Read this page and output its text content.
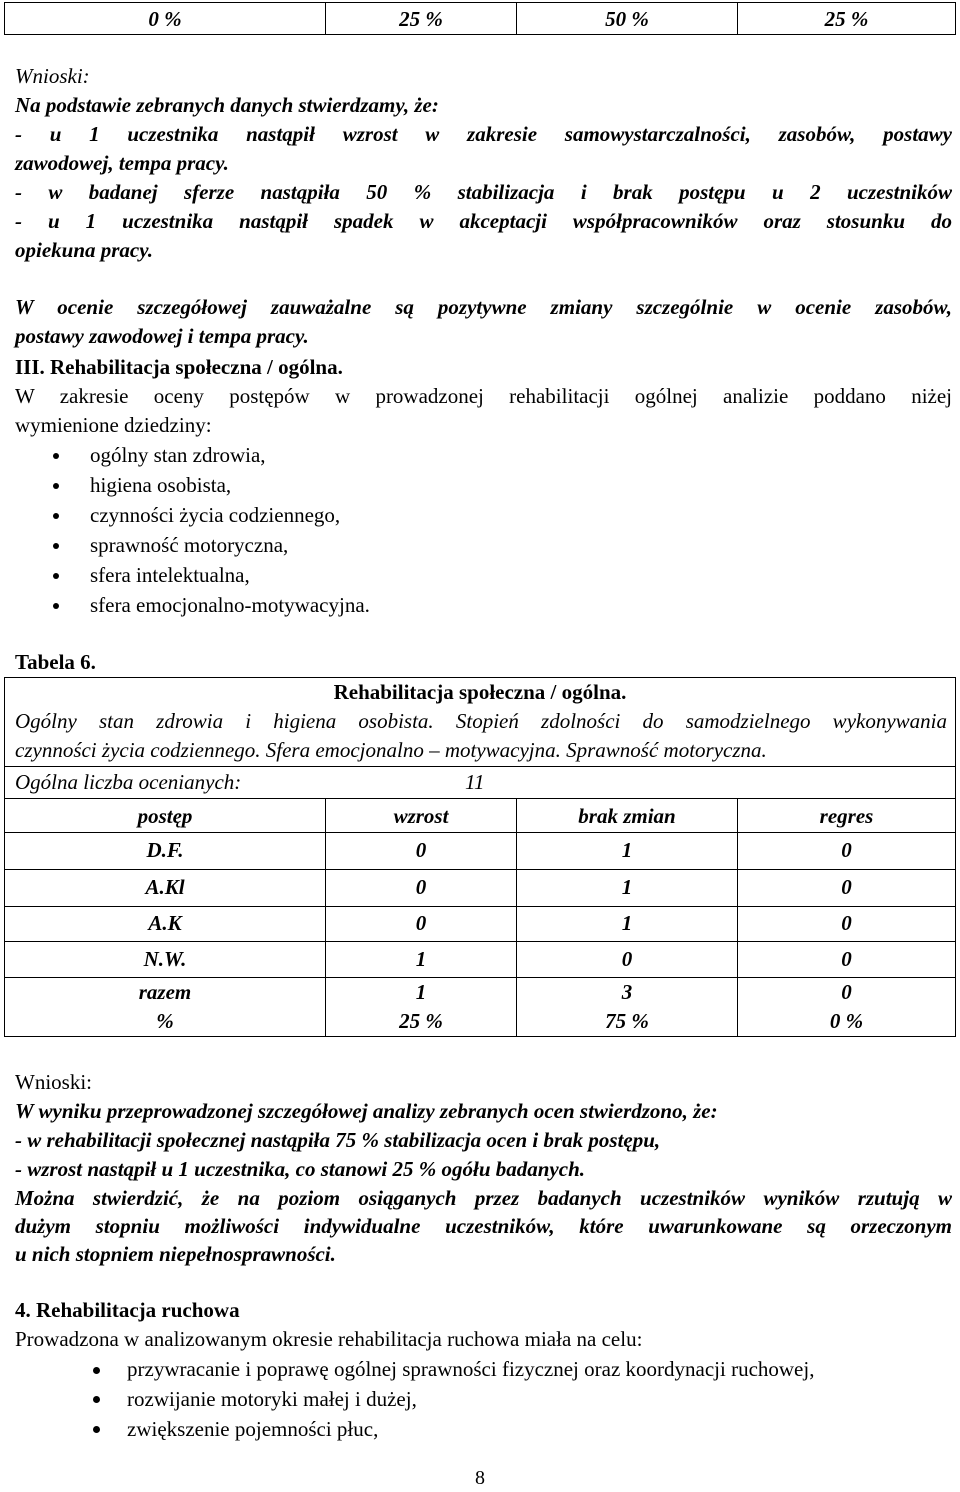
0 %	25 %	50 %	25 %
Wnioski:
Na podstawie zebranych danych stwierdzamy, że:
- u 1 uczestnika nastąpił wzrost w zakresie samowystarczalności, zasobów, postawy
zawodowej, tempa pracy.
- w badanej sferze nastąpiła 50 % stabilizacja i brak postępu u 2 uczestników
- u 1 uczestnika nastąpił spadek w akceptacji współpracowników oraz stosunku do
opiekuna pracy.
W ocenie szczegółowej zauważalne są pozytywne zmiany szczególnie w ocenie zasobów,
postawy zawodowej i tempa pracy.
III. Rehabilitacja społeczna / ogólna.
W zakresie oceny postępów w prowadzonej rehabilitacji ogólnej analizie poddano niżej
wymienione dziedziny:
ogólny stan zdrowia,
higiena osobista,
czynności życia codziennego,
sprawność motoryczna,
sfera intelektualna,
sfera emocjonalno-motywacyjna.
Tabela 6.
Rehabilitacja społeczna / ogólna.
Ogólny stan zdrowia i higiena osobista. Stopień zdolności do samodzielnego wykonywania
czynności życia codziennego. Sfera emocjonalno – motywacyjna. Sprawność motoryczna.
Ogólna liczba ocenianych:	11
postęp	wzrost	brak zmian	regres
D.F.	0	1	0
A.Kl	0	1	0
A.K	0	1	0
N.W.	1	0	0
razem	1	3	0
%	25 %	75 %	0 %
Wnioski:
W wyniku przeprowadzonej szczegółowej analizy zebranych ocen stwierdzono, że:
- w rehabilitacji społecznej nastąpiła 75 % stabilizacja ocen i brak postępu,
- wzrost nastąpił u 1 uczestnika, co stanowi 25 % ogółu badanych.
Można stwierdzić, że na poziom osiąganych przez badanych uczestników wyników rzutują w
dużym stopniu możliwości indywidualne uczestników, które uwarunkowane są orzeczonym
u nich stopniem niepełnosprawności.
4. Rehabilitacja ruchowa
Prowadzona w analizowanym okresie rehabilitacja ruchowa miała na celu:
przywracanie i poprawę ogólnej sprawności fizycznej oraz koordynacji ruchowej,
rozwijanie motoryki małej i dużej,
zwiększenie pojemności płuc,
8
